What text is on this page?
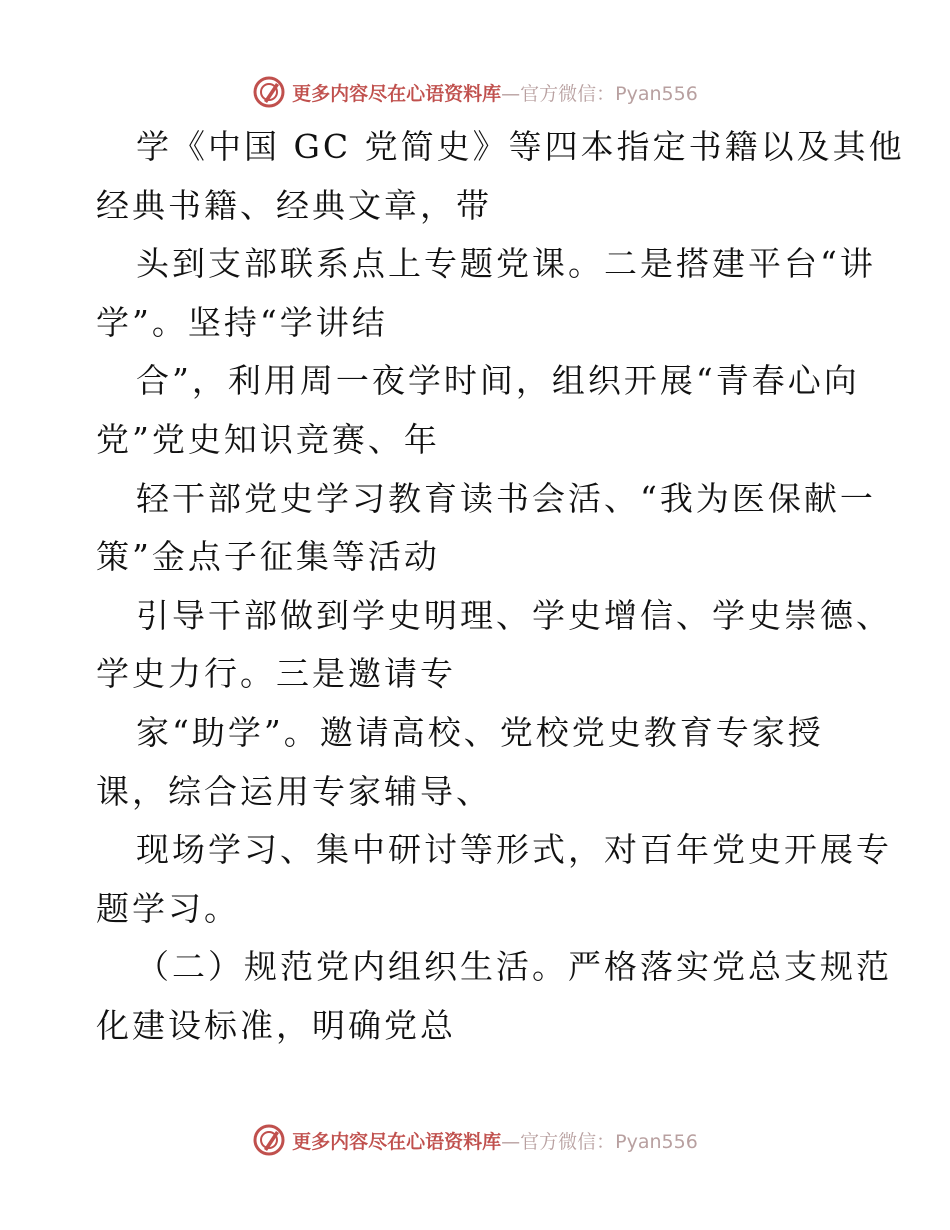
更多内容尽在心语资料库—官方微信：Pyan556
学《中国 GC 党简史》等四本指定书籍以及其他
经典书籍、经典文章，带
头到支部联系点上专题党课。二是搭建平台“讲
学”。坚持“学讲结
合”，利用周一夜学时间，组织开展“青春心向
党”党史知识竞赛、年
轻干部党史学习教育读书会活、“我为医保献一
策”金点子征集等活动
引导干部做到学史明理、学史增信、学史崇德、
学史力行。三是邀请专
家“助学”。邀请高校、党校党史教育专家授
课，综合运用专家辅导、
现场学习、集中研讨等形式，对百年党史开展专
题学习。
（二）规范党内组织生活。严格落实党总支规范
化建设标准，明确党总
更多内容尽在心语资料库—官方微信：Pyan556
